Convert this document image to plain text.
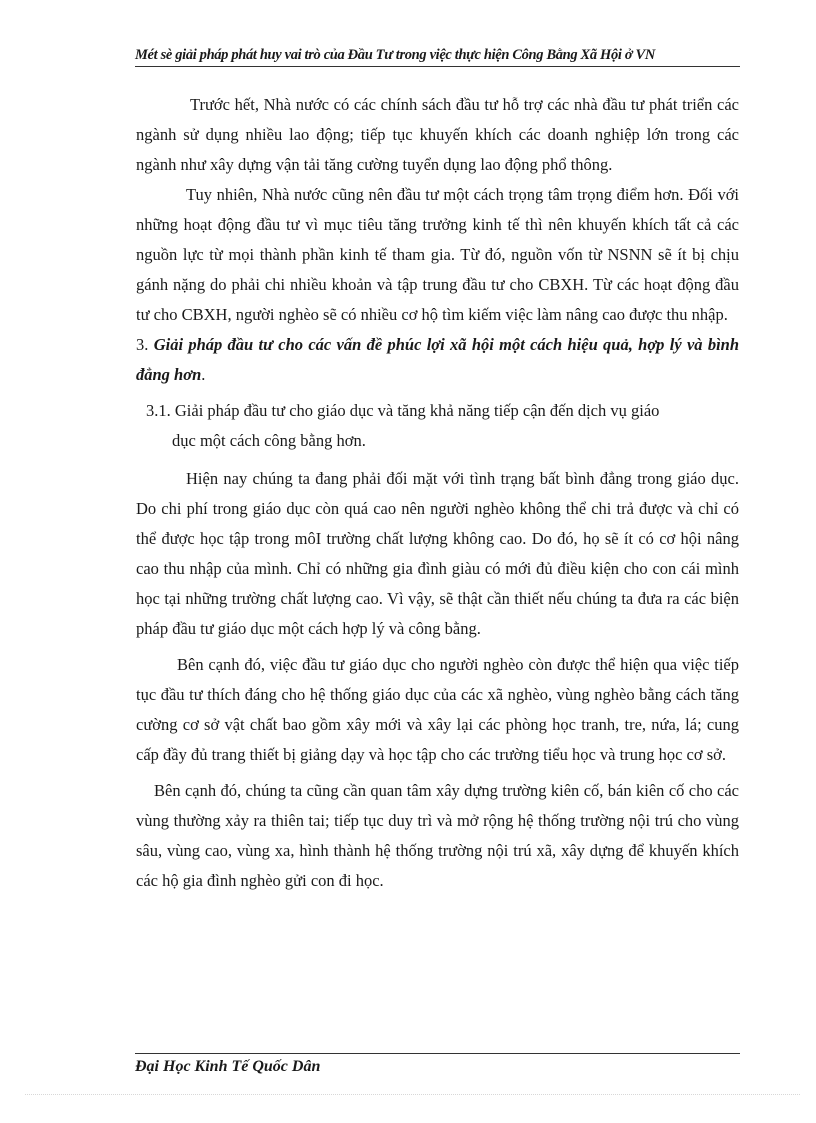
Mét sè giải pháp phát huy vai trò của Đầu Tư trong việc thực hiện Công Bằng Xã Hội ở VN

Trước hết, Nhà nước có các chính sách đầu tư hỗ trợ các nhà đầu tư phát triển các ngành sử dụng nhiều lao động; tiếp tục khuyến khích các doanh nghiệp lớn trong các ngành như xây dựng vận tải tăng cường tuyển dụng lao động phổ thông.

Tuy nhiên, Nhà nước cũng nên đầu tư một cách trọng tâm trọng điểm hơn. Đối với những hoạt động đầu tư vì mục tiêu tăng trưởng kinh tế thì nên khuyến khích tất cả các nguồn lực từ mọi thành phần kinh tế tham gia. Từ đó, nguồn vốn từ NSNN sẽ ít bị chịu gánh nặng do phải chi nhiều khoản và tập trung đầu tư cho CBXH. Từ các hoạt động đầu tư cho CBXH, người nghèo sẽ có nhiều cơ hộ tìm kiếm việc làm nâng cao được thu nhập.

3. Giải pháp đầu tư cho các vấn đề phúc lợi xã hội một cách hiệu quả, hợp lý và bình đẳng hơn.

3.1. Giải pháp đầu tư cho giáo dục và tăng khả năng tiếp cận đến dịch vụ giáo
dục một cách công bằng hơn.

Hiện nay chúng ta đang phải đối mặt với tình trạng bất bình đẳng trong giáo dục. Do chi phí trong giáo dục còn quá cao nên người nghèo không thể chi trả được và chỉ có thể được học tập trong môI trường chất lượng không cao. Do đó, họ sẽ ít có cơ hội nâng cao thu nhập của mình. Chỉ có những gia đình giàu có mới đủ điều kiện cho con cái mình học tại những trường chất lượng cao. Vì vậy, sẽ thật cần thiết nếu chúng ta đưa ra các biện pháp đầu tư giáo dục một cách hợp lý và công bằng.

Bên cạnh đó, việc đầu tư giáo dục cho người nghèo còn được thể hiện qua việc tiếp tục đầu tư thích đáng cho hệ thống giáo dục của các xã nghèo, vùng nghèo bằng cách tăng cường cơ sở vật chất bao gồm xây mới và xây lại các phòng học tranh, tre, nứa, lá; cung cấp đầy đủ trang thiết bị giảng dạy và học tập cho các trường tiểu học và trung học cơ sở.

Bên cạnh đó, chúng ta cũng cần quan tâm xây dựng trường kiên cố, bán kiên cố cho các vùng thường xảy ra thiên tai; tiếp tục duy trì và mở rộng hệ thống trường nội trú cho vùng sâu, vùng cao, vùng xa, hình thành hệ thống trường nội trú xã, xây dựng để khuyến khích các hộ gia đình nghèo gửi con đi học.

Đại Học Kinh Tế Quốc Dân
